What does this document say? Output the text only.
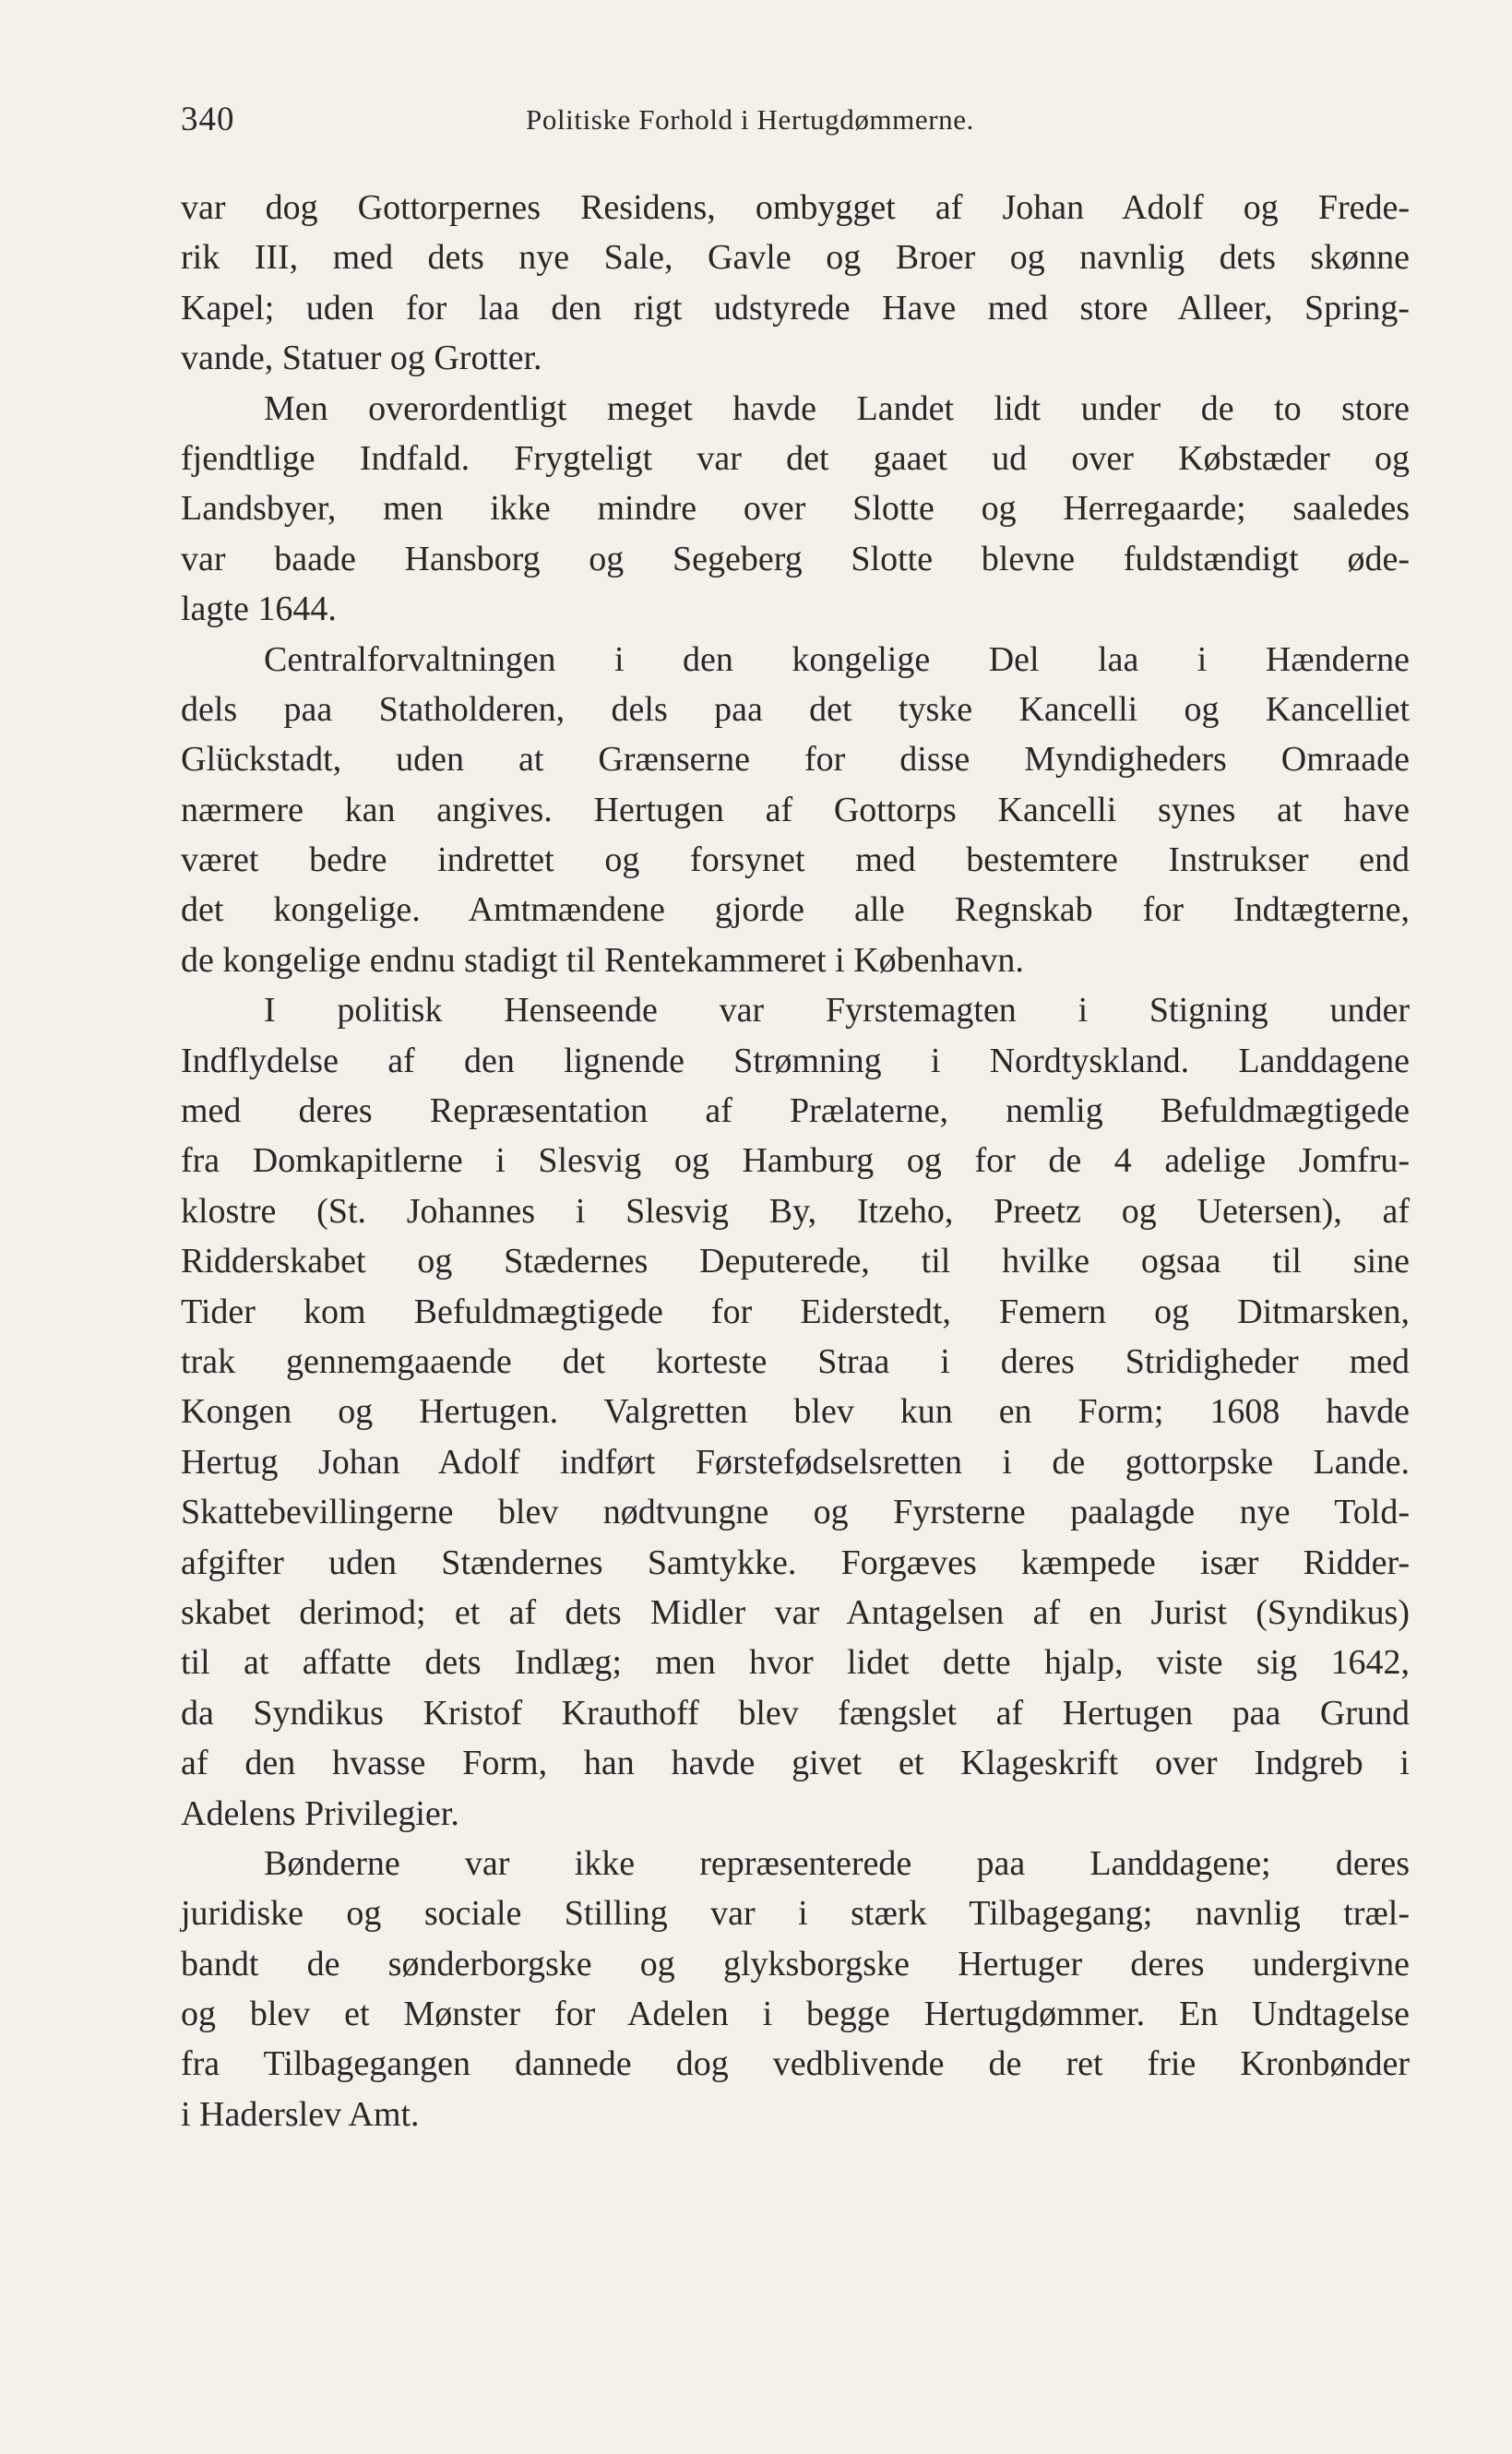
340	Politiske Forhold i Hertugdømmerne.
var dog Gottorpernes Residens, ombygget af Johan Adolf og Frede-
rik III, med dets nye Sale, Gavle og Broer og navnlig dets skønne
Kapel; uden for laa den rigt udstyrede Have med store Alleer, Spring-
vande, Statuer og Grotter.
Men overordentligt meget havde Landet lidt under de to store
fjendtlige Indfald. Frygteligt var det gaaet ud over Købstæder og
Landsbyer, men ikke mindre over Slotte og Herregaarde; saaledes
var baade Hansborg og Segeberg Slotte blevne fuldstændigt øde-
lagte 1644.
Centralforvaltningen i den kongelige Del laa i Hænderne
dels paa Statholderen, dels paa det tyske Kancelli og Kancelliet
Glückstadt, uden at Grænserne for disse Myndigheders Omraade
nærmere kan angives. Hertugen af Gottorps Kancelli synes at have
været bedre indrettet og forsynet med bestemtere Instrukser end
det kongelige. Amtmændene gjorde alle Regnskab for Indtægterne,
de kongelige endnu stadigt til Rentekammeret i København.
I politisk Henseende var Fyrstemagten i Stigning under
Indflydelse af den lignende Strømning i Nordtyskland. Landdagene
med deres Repræsentation af Prælaterne, nemlig Befuldmægtigede
fra Domkapitlerne i Slesvig og Hamburg og for de 4 adelige Jomfru-
klostre (St. Johannes i Slesvig By, Itzeho, Preetz og Uetersen), af
Ridderskabet og Stædernes Deputerede, til hvilke ogsaa til sine
Tider kom Befuldmægtigede for Eiderstedt, Femern og Ditmarsken,
trak gennemgaaende det korteste Straa i deres Stridigheder med
Kongen og Hertugen. Valgretten blev kun en Form; 1608 havde
Hertug Johan Adolf indført Førstefødselsretten i de gottorpske Lande.
Skattebevillingerne blev nødtvungne og Fyrsterne paalagde nye Told-
afgifter uden Stændernes Samtykke. Forgæves kæmpede især Ridder-
skabet derimod; et af dets Midler var Antagelsen af en Jurist (Syndikus)
til at affatte dets Indlæg; men hvor lidet dette hjalp, viste sig 1642,
da Syndikus Kristof Krauthoff blev fængslet af Hertugen paa Grund
af den hvasse Form, han havde givet et Klageskrift over Indgreb i
Adelens Privilegier.
Bønderne var ikke repræsenterede paa Landdagene; deres
juridiske og sociale Stilling var i stærk Tilbagegang; navnlig træl-
bandt de sønderborgske og glyksborgske Hertuger deres undergivne
og blev et Mønster for Adelen i begge Hertugdømmer. En Undtagelse
fra Tilbagegangen dannede dog vedblivende de ret frie Kronbønder
i Haderslev Amt.
